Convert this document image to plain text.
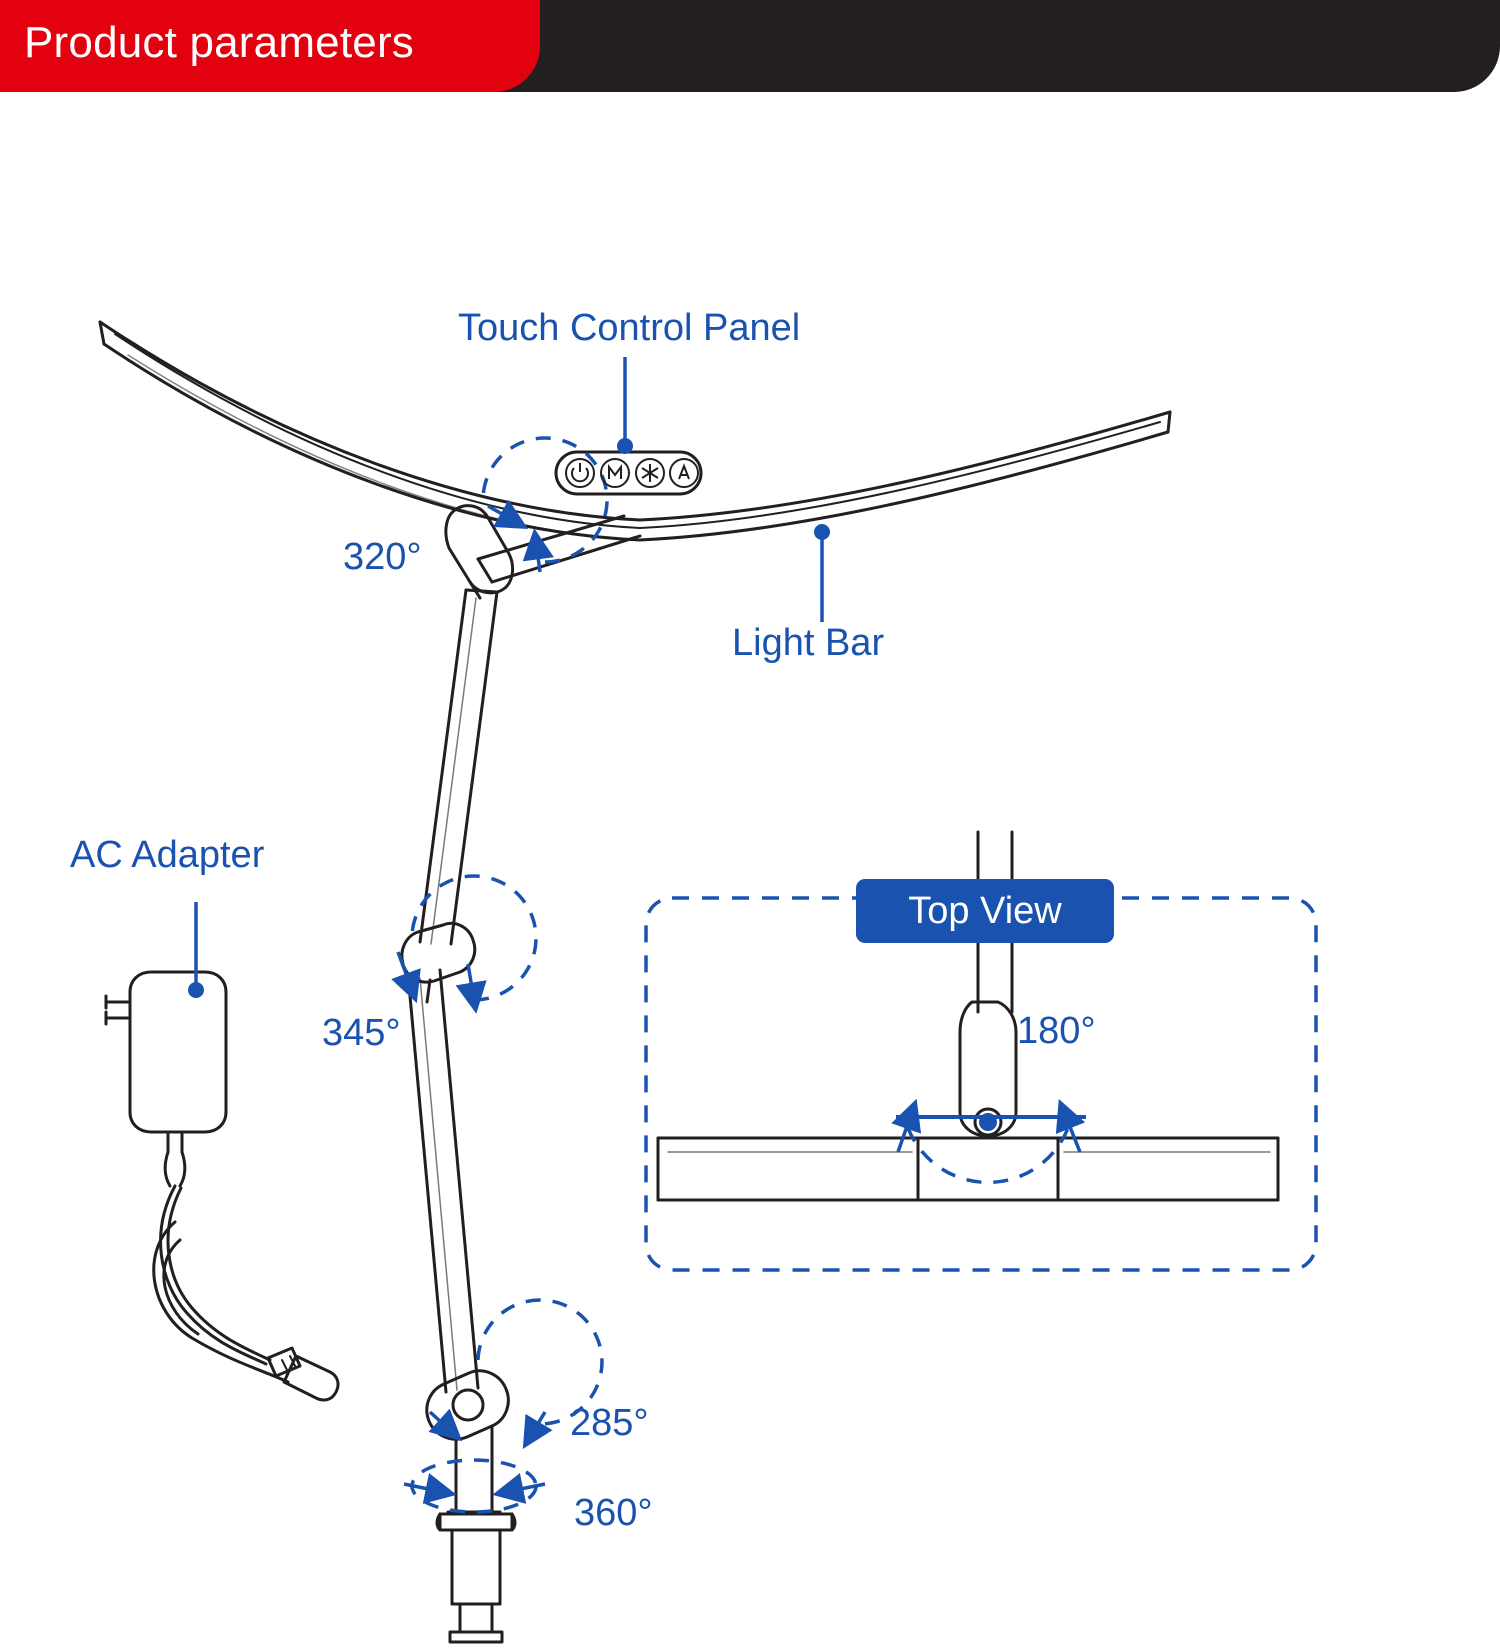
Product parameters
Touch Control Panel
Light Bar
AC Adapter
320°
345°
285°
360°
180°
Top View
